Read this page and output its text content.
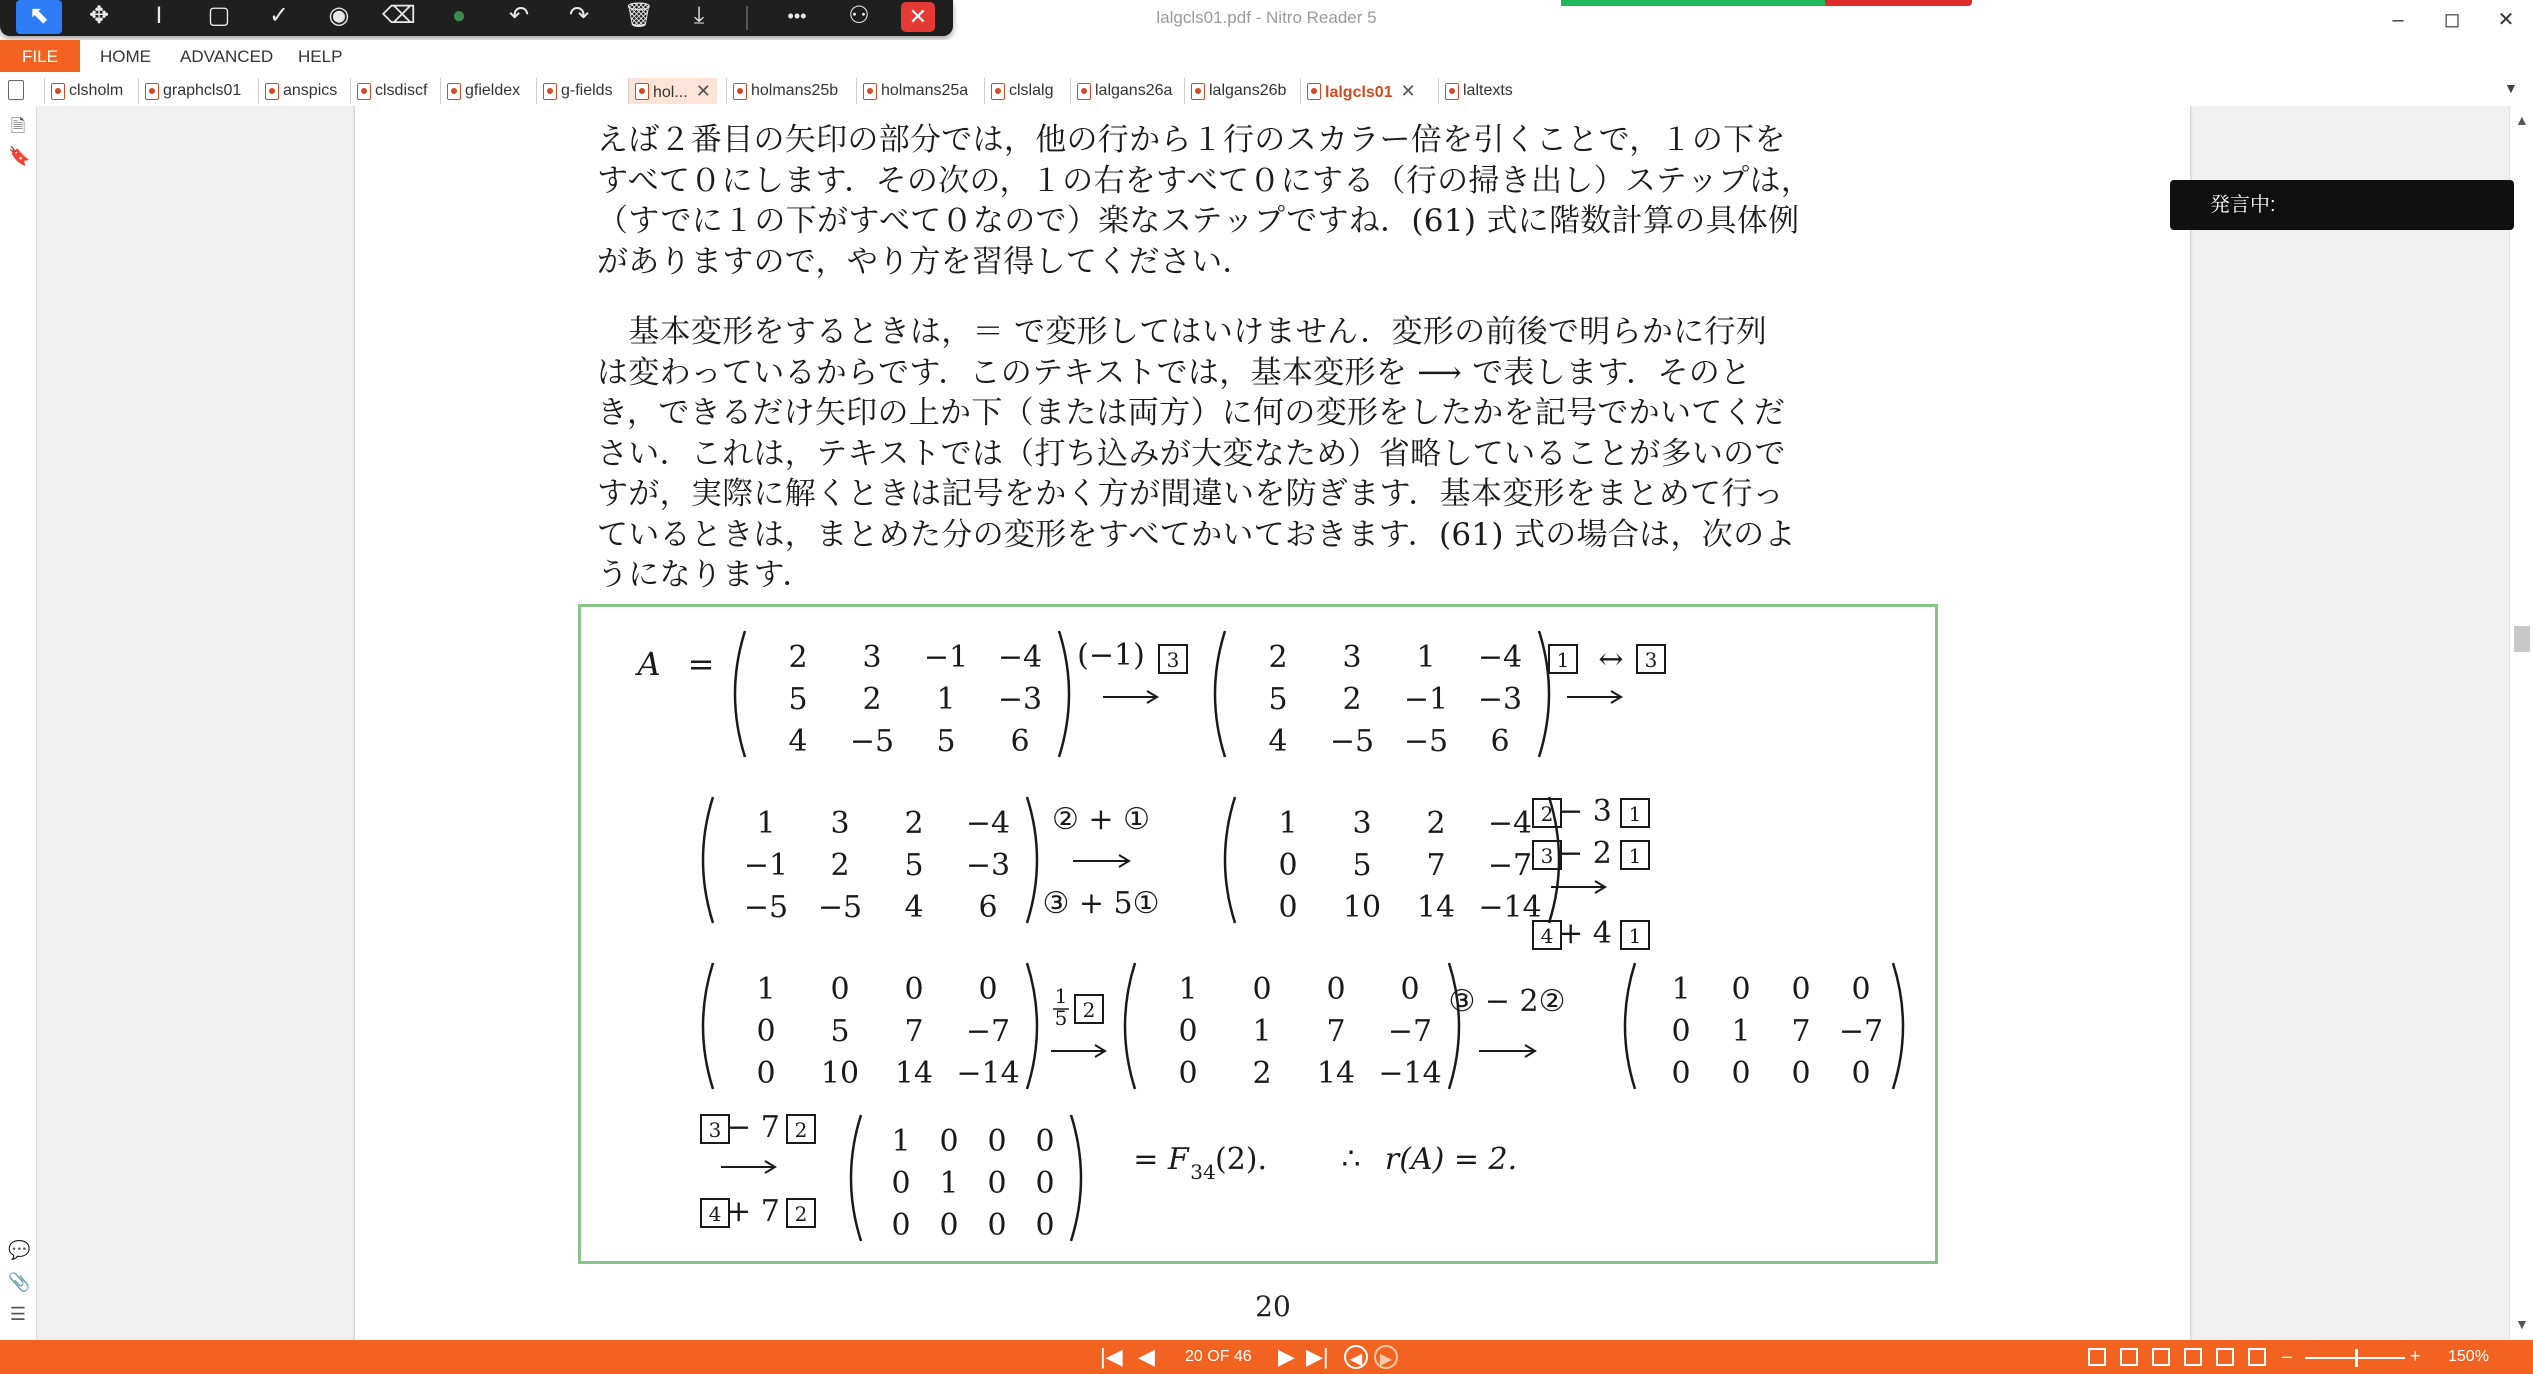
lalgcls01.pdf - Nitro Reader 5	–	◻	✕
⬉	✥	I	▢	✓	◉	⌫	●	↶	↷	🗑	⤓	•••	⚇	✕
FILE	HOME ADVANCED HELP
clsholm	graphcls01	anspics	clsdiscf	gfieldex	g-fields	hol... ✕	holmans25b	holmans25a	clslalg	lalgans26a	lalgans26b	lalgcls01 ✕	laltexts	▼
🗎
🔖
💬
📎
☰

えば２番目の矢印の部分では，他の行から１行のスカラー倍を引くことで，１の下を

すべて０にします．その次の，１の右をすべて０にする（行の掃き出し）ステップは，

（すでに１の下がすべて０なので）楽なステップですね．(61) 式に階数計算の具体例

がありますので，やり方を習得してください．

　基本変形をするときは，＝ で変形してはいけません．変形の前後で明らかに行列

は変わっているからです．このテキストでは，基本変形を ⟶ で表します．そのと

き，できるだけ矢印の上か下（または両方）に何の変形をしたかを記号でかいてくだ

さい．これは，テキストでは（打ち込みが大変なため）省略していることが多いので

すが，実際に解くときは記号をかく方が間違いを防ぎます．基本変形をまとめて行っ

ているときは，まとめた分の変形をすべてかいておきます．(61) 式の場合は，次のよ

うになります．

A = 2 3 −1 −4
5 2 1 −3
4 −5 5 6
(−1) 3	2 3 1 −4
5 2 −1 −3
4 −5 −5 6
1 ↔ 3
1 3 2 −4
−1 2 5 −3
−5 −5 4 6
② + ①
③ + 5①
1 3 2 −4
0 5 7 −7
0 10 14 −14
2 − 3 1
3 − 2 1
4 + 4 1
1 0 0 0
0 5 7 −7
0 10 14 −14
1
5 2
1 0 0 0
0 1 7 −7
0 2 14 −14
③ − 2②	1 0 0 0
0 1 7 −7
0 0 0 0
3 − 7 2
4 + 7 2
1 0 0 0
0 1 0 0
0 0 0 0
= F 34 (2). ∴ r(A) = 2.
20
▲
▼
発言中:
|◀ ◀ 20 OF 46 ▶ ▶|	◀	▶	–	+ 150%
